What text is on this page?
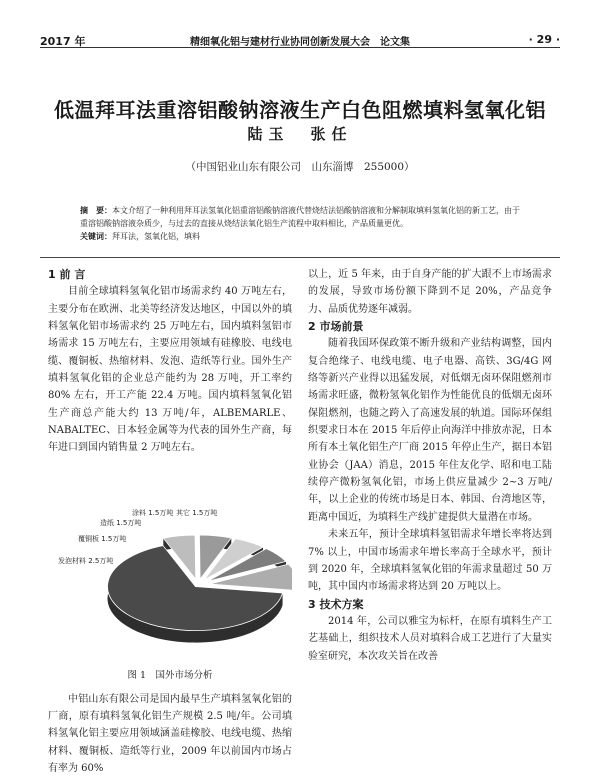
2017 年	精细氧化铝与建材行业协同创新发展大会　论文集	· 29 ·
低温拜耳法重溶铝酸钠溶液生产白色阻燃填料氢氧化铝
陆玉　张任
（中国铝业山东有限公司　山东淄博　255000）

摘　要：本文介绍了一种利用拜耳法氢氧化铝重溶铝酸钠溶液代替烧结法铝酸钠溶液和分解制取填料氢氧化铝的新工艺，由于重溶铝酸钠溶液杂质少，与过去的直接从烧结法氧化铝生产流程中取料相比，产品质量更优。

关键词：拜耳法，氢氧化铝，填料

1 前 言

目前全球填料氢氧化铝市场需求约 40 万吨左右，主要分布在欧洲、北美等经济发达地区，中国以外的填料氢氧化铝市场需求约 25 万吨左右，国内填料氢铝市场需求 15 万吨左右，主要应用领域有硅橡胶、电线电缆、覆铜板、热缩材料、发泡、造纸等行业。国外生产填料氢氧化铝的企业总产能约为 28 万吨，开工率约 80% 左右，开工产能 22.4 万吨。国内填料氢氧化铝生产商总产能大约 13 万吨/年，ALBEMARLE、NABALTEC、日本轻金属等为代表的国外生产商，每年进口到国内销售量 2 万吨左右。

发泡材料 2.5万吨
覆铜板 1.5万吨
造纸 1.5万吨
涂料 1.5万吨 其它 1.5万吨
图 1　国外市场分析

中铝山东有限公司是国内最早生产填料氢氧化铝的厂商，原有填料氢氧化铝生产规模 2.5 吨/年。公司填料氢氧化铝主要应用领域涵盖硅橡胶、电线电缆、热缩材料、覆铜板、造纸等行业，2009 年以前国内市场占有率为 60%

以上，近 5 年来，由于自身产能的扩大跟不上市场需求的发展，导致市场份额下降到不足 20%，产品竞争力、品质优势逐年减弱。

2 市场前景

随着我国环保政策不断升级和产业结构调整，国内复合绝缘子、电线电缆、电子电器、高铁、3G/4G 网络等新兴产业得以迅猛发展，对低烟无卤环保阻燃剂市场需求旺盛，微粉氢氧化铝作为性能优良的低烟无卤环保阻燃剂，也随之跨入了高速发展的轨道。国际环保组织要求日本在 2015 年后停止向海洋中排放赤泥，日本所有本土氧化铝生产厂商 2015 年停止生产，据日本铝业协会（JAA）消息，2015 年住友化学、昭和电工陆续停产微粉氢氧化铝，市场上供应量减少 2~3 万吨/年，以上企业的传统市场是日本、韩国、台湾地区等，距离中国近，为填料生产线扩建提供大量潜在市场。

未来五年，预计全球填料氢铝需求年增长率将达到 7% 以上，中国市场需求年增长率高于全球水平，预计到 2020 年，全球填料氢氧化铝的年需求量超过 50 万吨，其中国内市场需求将达到 20 万吨以上。

3 技术方案

2014 年，公司以雅宝为标杆，在原有填料生产工艺基础上，组织技术人员对填料合成工艺进行了大量实验室研究，本次攻关旨在改善
